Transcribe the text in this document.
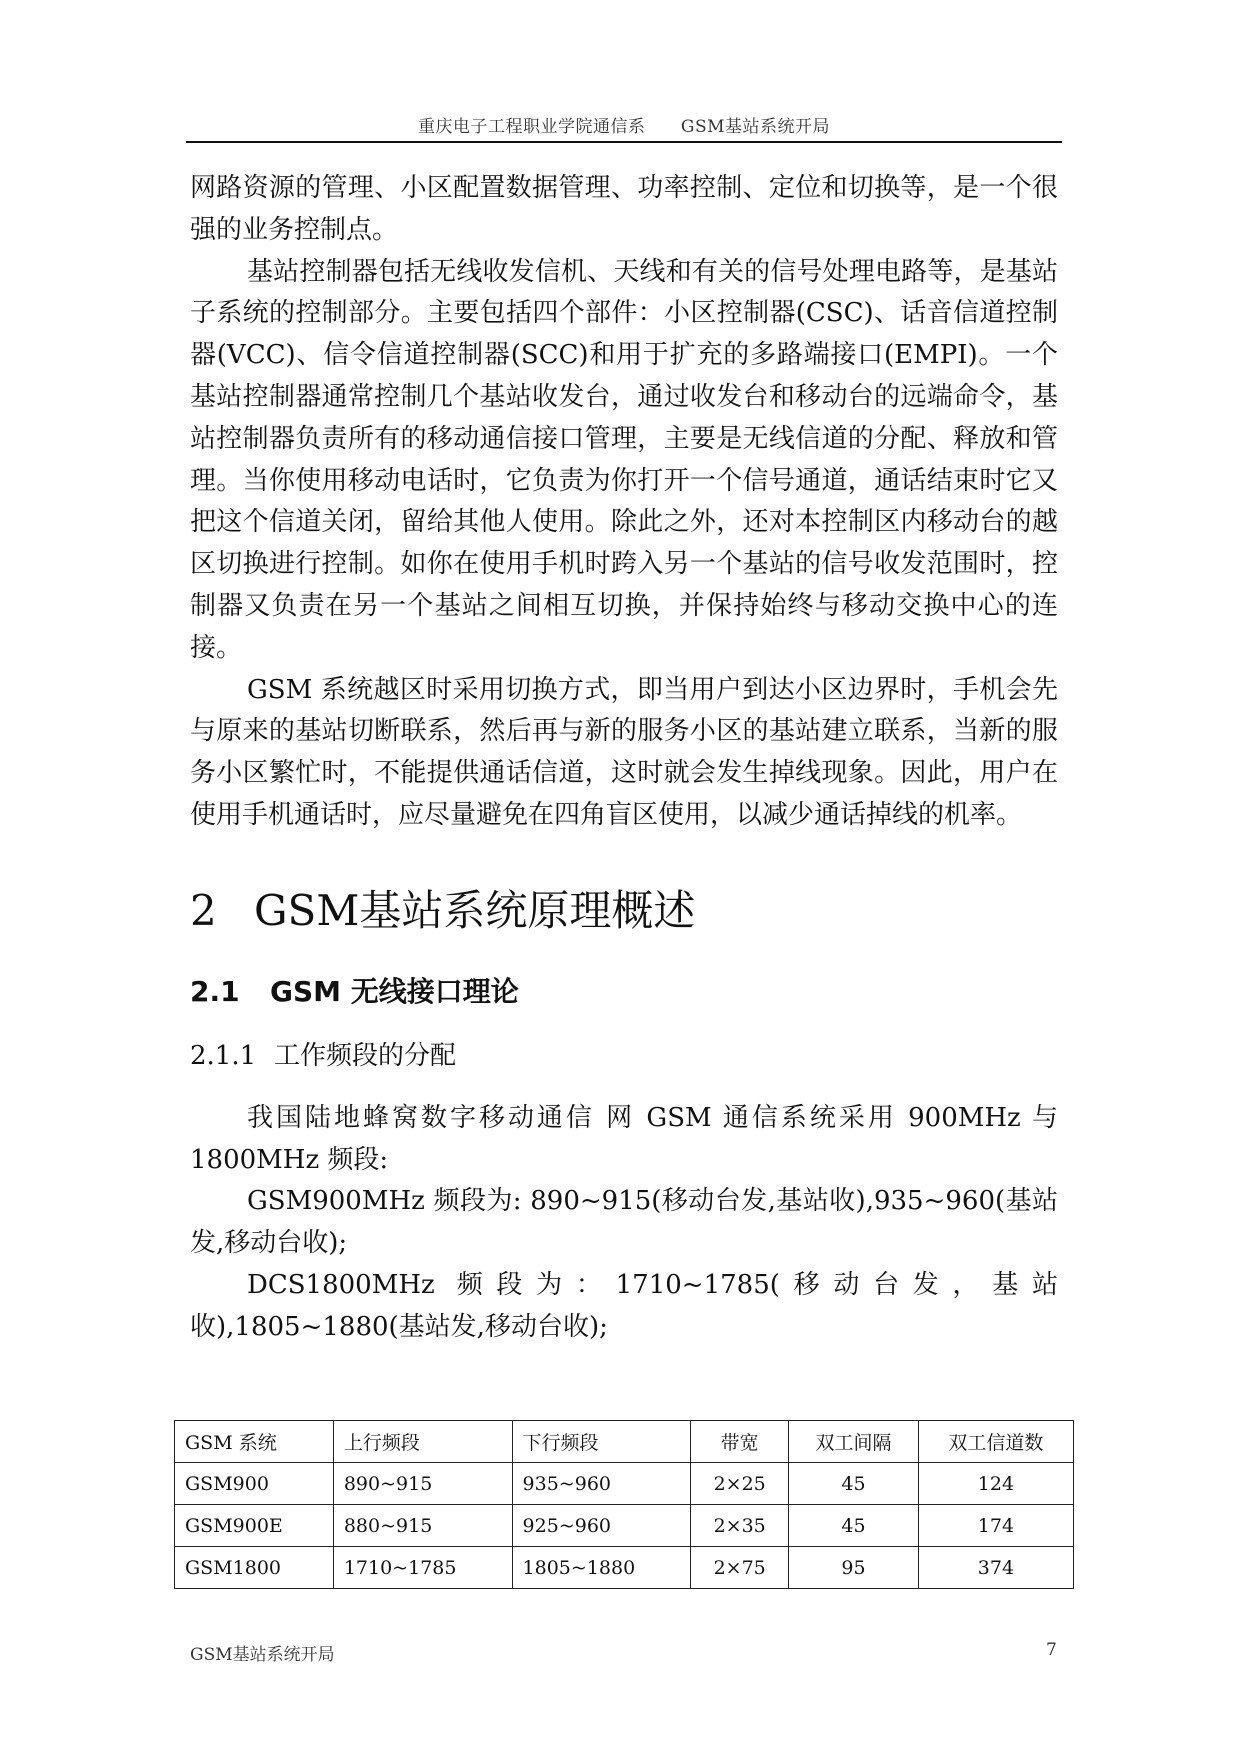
重庆电子工程职业学院通信系 GSM基站系统开局

网路资源的管理、小区配置数据管理、功率控制、定位和切换等，是一个很强的业务控制点。

基站控制器包括无线收发信机、天线和有关的信号处理电路等，是基站子系统的控制部分。主要包括四个部件：小区控制器(CSC)、话音信道控制器(VCC)、信令信道控制器(SCC)和用于扩充的多路端接口(EMPI)。一个基站控制器通常控制几个基站收发台，通过收发台和移动台的远端命令，基站控制器负责所有的移动通信接口管理，主要是无线信道的分配、释放和管理。当你使用移动电话时，它负责为你打开一个信号通道，通话结束时它又把这个信道关闭，留给其他人使用。除此之外，还对本控制区内移动台的越区切换进行控制。如你在使用手机时跨入另一个基站的信号收发范围时，控制器又负责在另一个基站之间相互切换，并保持始终与移动交换中心的连接。

GSM 系统越区时采用切换方式，即当用户到达小区边界时，手机会先与原来的基站切断联系，然后再与新的服务小区的基站建立联系，当新的服务小区繁忙时，不能提供通话信道，这时就会发生掉线现象。因此，用户在使用手机通话时，应尽量避免在四角盲区使用，以减少通话掉线的机率。

2 GSM基站系统原理概述
2.1 GSM 无线接口理论
2.1.1 工作频段的分配

我国陆地蜂窝数字移动通信 网 GSM 通信系统采用 900MHz 与 1800MHz 频段:

GSM900MHz 频段为: 890~915(移动台发,基站收),935~960(基站发,移动台收);

DCS1800MHz 频段为：1710~1785(移动台发，基站收),1805~1880(基站发,移动台收);

GSM 系统	上行频段	下行频段	带宽	双工间隔	双工信道数
GSM900	890~915	935~960	2×25	45	124
GSM900E	880~915	925~960	2×35	45	174
GSM1800	1710~1785	1805~1880	2×75	95	374
GSM基站系统开局	7
